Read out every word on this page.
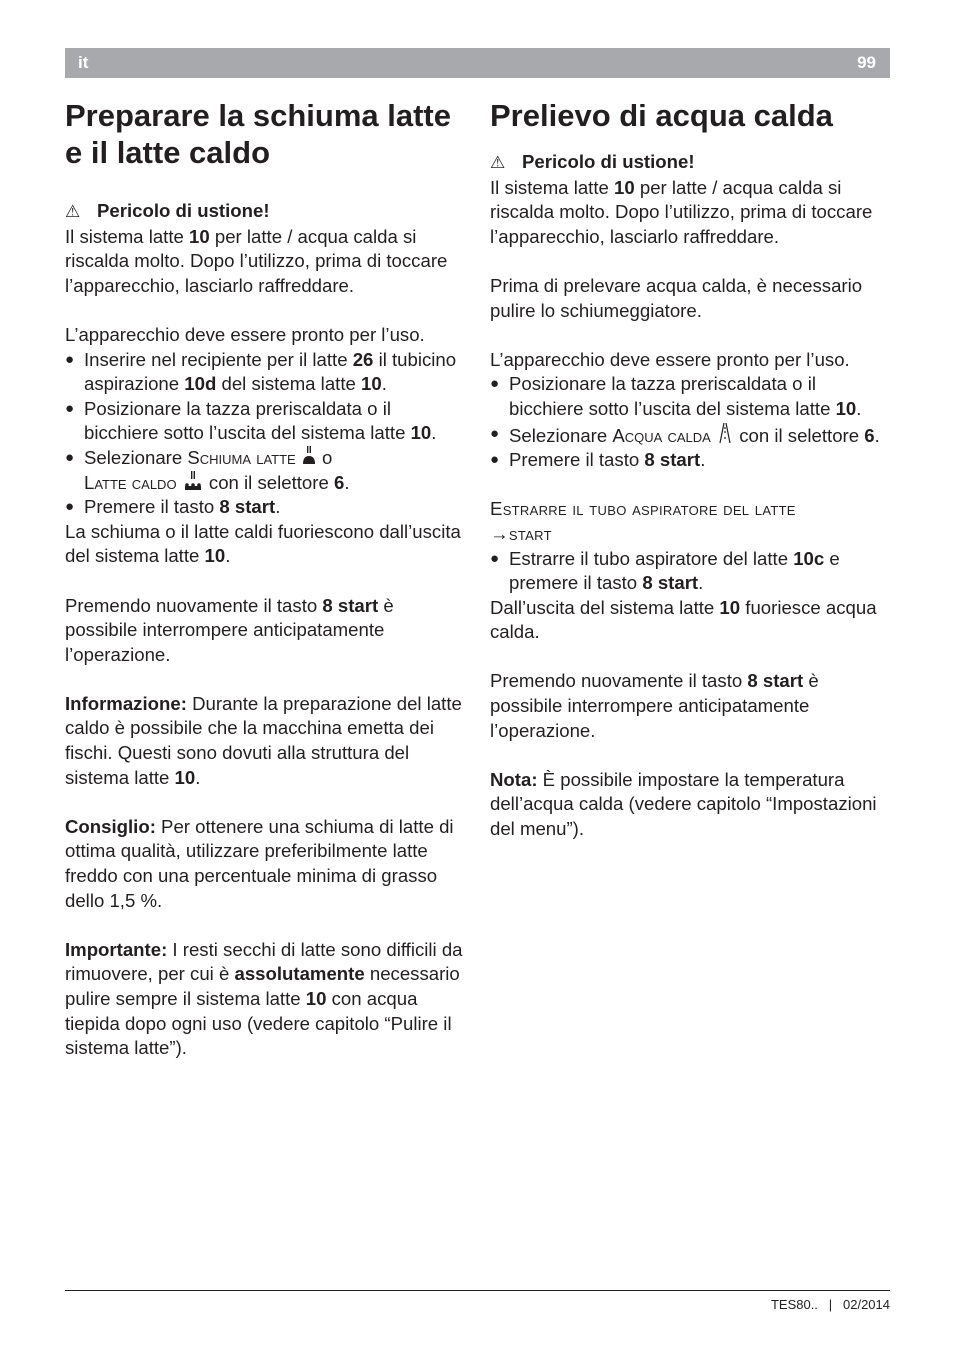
it	99
Preparare la schiuma latte e il latte caldo

⚠ Pericolo di ustione!

Il sistema latte 10 per latte / acqua calda si riscalda molto. Dopo l’utilizzo, prima di toccare l’apparecchio, lasciarlo raffreddare.

L’apparecchio deve essere pronto per l’uso.

● Inserire nel recipiente per il latte 26 il tubicino aspirazione 10d del sistema latte 10.
● Posizionare la tazza preriscaldata o il bicchiere sotto l’uscita del sistema latte 10.
● Selezionare Schiuma latte  o
Latte caldo  con il selettore 6.
● Premere il tasto 8 start.

La schiuma o il latte caldi fuoriescono dall’uscita del sistema latte 10.

Premendo nuovamente il tasto 8 start è possibile interrompere anticipatamente l’operazione.

Informazione: Durante la preparazione del latte caldo è possibile che la macchina emetta dei fischi. Questi sono dovuti alla struttura del sistema latte 10.

Consiglio: Per ottenere una schiuma di latte di ottima qualità, utilizzare preferibilmente latte freddo con una percentuale minima di grasso dello 1,5 %.

Importante: I resti secchi di latte sono difficili da rimuovere, per cui è assolutamente necessario pulire sempre il sistema latte 10 con acqua tiepida dopo ogni uso (vedere capitolo “Pulire il sistema latte”).

Prelievo di acqua calda

⚠ Pericolo di ustione!

Il sistema latte 10 per latte / acqua calda si riscalda molto. Dopo l’utilizzo, prima di toccare l’apparecchio, lasciarlo raffreddare.

Prima di prelevare acqua calda, è necessario pulire lo schiumeggiatore.

L’apparecchio deve essere pronto per l’uso.

● Posizionare la tazza preriscaldata o il bicchiere sotto l’uscita del sistema latte 10.
● Selezionare Acqua calda  con il selettore 6.
● Premere il tasto 8 start.

Estrarre il tubo aspiratore del latte
→start

● Estrarre il tubo aspiratore del latte 10c e premere il tasto 8 start.

Dall’uscita del sistema latte 10 fuoriesce acqua calda.

Premendo nuovamente il tasto 8 start è possibile interrompere anticipatamente l’operazione.

Nota: È possibile impostare la temperatura dell’acqua calda (vedere capitolo “Impostazioni del menu”).

TES80.. | 02/2014
